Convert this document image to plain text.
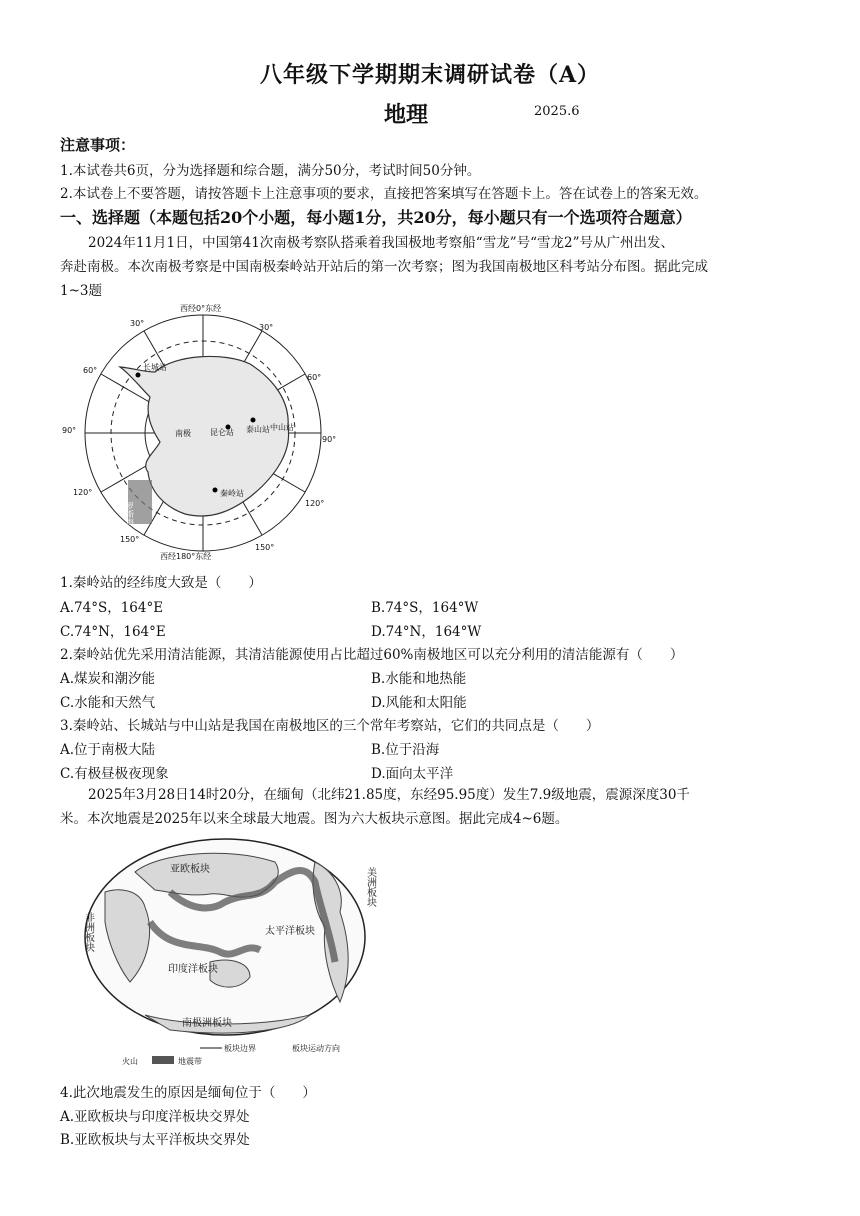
八年级下学期期末调研试卷（A）
地理	2025.6
注意事项：
1.本试卷共6页，分为选择题和综合题，满分50分，考试时间50分钟。
2.本试卷上不要答题，请按答题卡上注意事项的要求，直接把答案填写在答题卡上。答在试卷上的答案无效。
一、选择题（本题包括20个小题，每小题1分，共20分，每小题只有一个选项符合题意）
2024年11月1日，中国第41次南极考察队搭乘着我国极地考察船“雪龙”号“雪龙2”号从广州出发、
奔赴南极。本次南极考察是中国南极秦岭站开站后的第一次考察；图为我国南极地区科考站分布图。据此完成
1~3题
西经0°东经
西经180°东经
30°
60°
90°
120°
150°
30°
60°
90°
120°
150°
长城站
昆仑站 泰山站 中山站
秦岭站
南极
罗斯海
1.秦岭站的经纬度大致是（　　）
A.74°S，164°E	B.74°S，164°W
C.74°N，164°E	D.74°N，164°W
2.秦岭站优先采用清洁能源，其清洁能源使用占比超过60%南极地区可以充分利用的清洁能源有（　　）
A.煤炭和潮汐能	B.水能和地热能
C.水能和天然气	D.风能和太阳能
3.秦岭站、长城站与中山站是我国在南极地区的三个常年考察站，它们的共同点是（　　）
A.位于南极大陆	B.位于沿海
C.有极昼极夜现象	D.面向太平洋
2025年3月28日14时20分，在缅甸（北纬21.85度，东经95.95度）发生7.9级地震，震源深度30千
米。本次地震是2025年以来全球最大地震。图为六大板块示意图。据此完成4~6题。
亚欧板块
非洲板块
印度洋板块
太平洋板块
美洲板块
南极洲板块
火山	地震带
板块边界	板块运动方向
4.此次地震发生的原因是缅甸位于（　　）
A.亚欧板块与印度洋板块交界处
B.亚欧板块与太平洋板块交界处
